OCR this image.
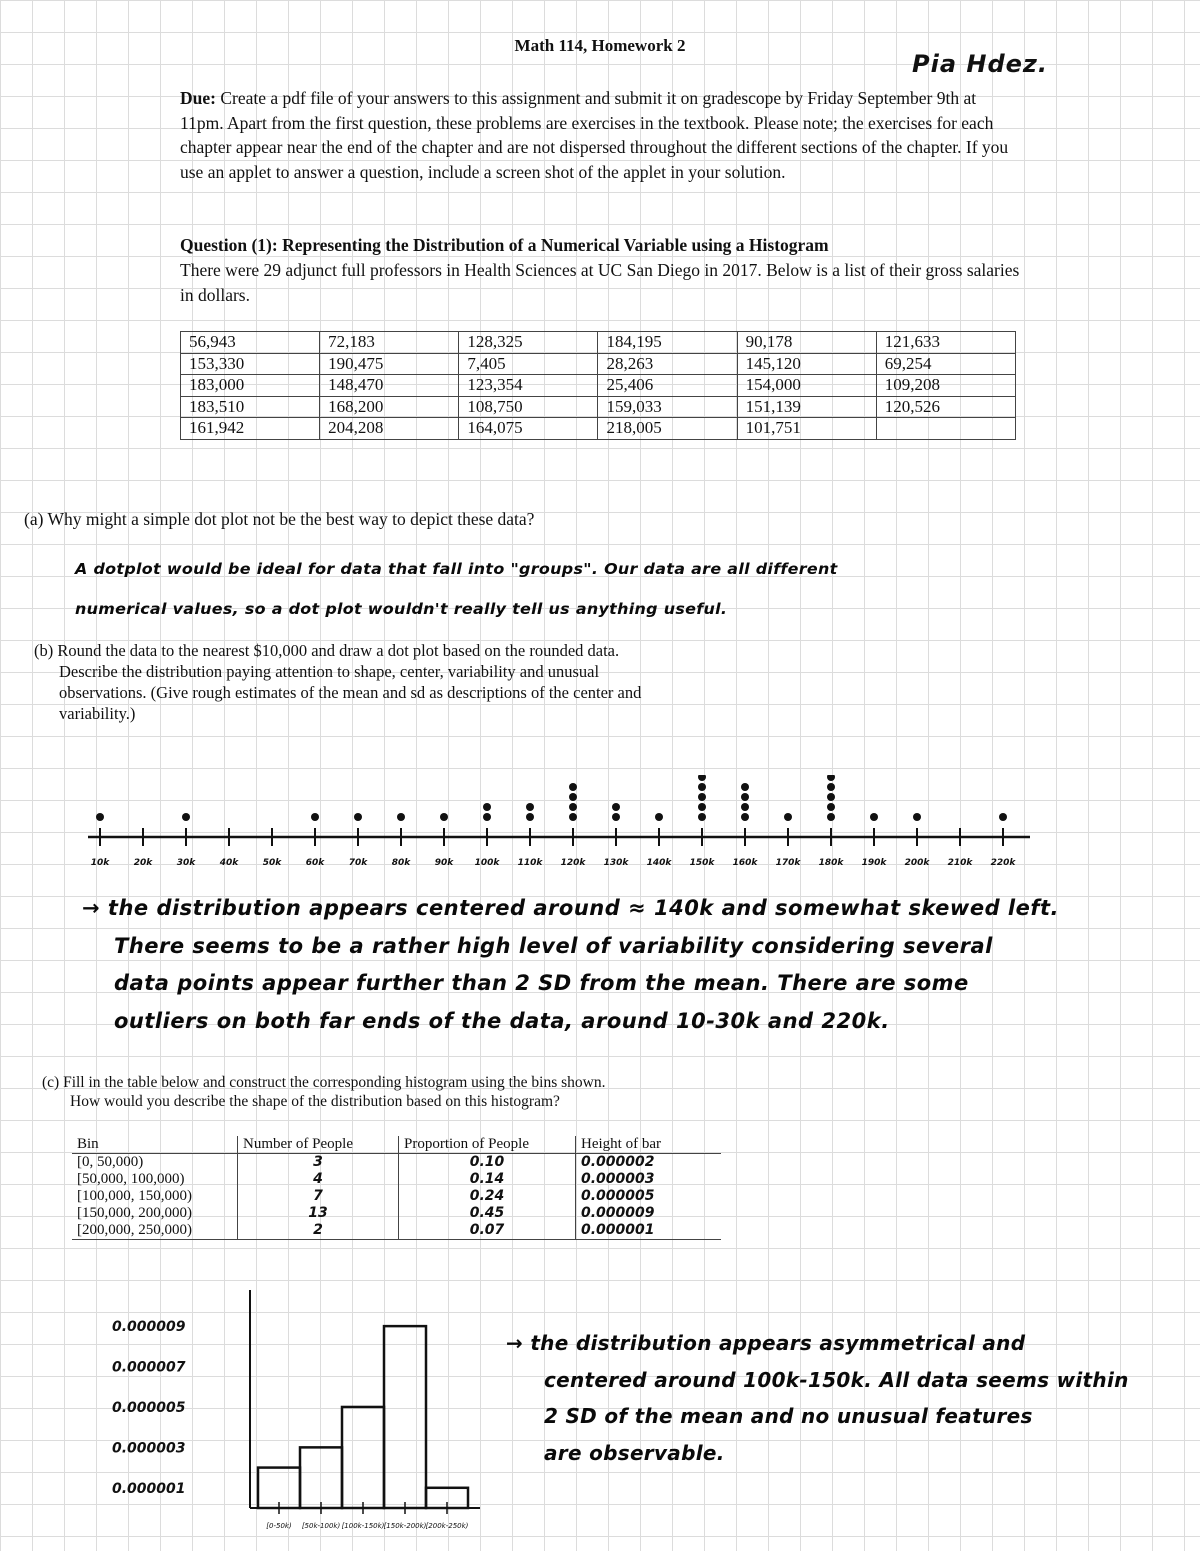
Math 114, Homework 2
Pia Hdez.
Due: Create a pdf file of your answers to this assignment and submit it on gradescope by Friday September 9th at 11pm. Apart from the first question, these problems are exercises in the textbook. Please note; the exercises for each chapter appear near the end of the chapter and are not dispersed throughout the different sections of the chapter. If you use an applet to answer a question, include a screen shot of the applet in your solution.
Question (1): Representing the Distribution of a Numerical Variable using a Histogram
There were 29 adjunct full professors in Health Sciences at UC San Diego in 2017. Below is a list of their gross salaries in dollars.
56,943	72,183	128,325	184,195	90,178	121,633
153,330	190,475	7,405	28,263	145,120	69,254
183,000	148,470	123,354	25,406	154,000	109,208
183,510	168,200	108,750	159,033	151,139	120,526
161,942	204,208	164,075	218,005	101,751	
(a) Why might a simple dot plot not be the best way to depict these data?
A dotplot would be ideal for data that fall into "groups". Our data are all different
numerical values, so a dot plot wouldn't really tell us anything useful.
(b) Round the data to the nearest $10,000 and draw a dot plot based on the rounded data.
Describe the distribution paying attention to shape, center, variability and unusual
observations. (Give rough estimates of the mean and sd as descriptions of the center and
variability.)
10k	20k	30k	40k	50k	60k	70k	80k	90k 100k 110k 120k 130k 140k 150k 160k 170k 180k 190k 200k 210k 220k
→ the distribution appears centered around ≈ 140k and somewhat skewed left.
There seems to be a rather high level of variability considering several
data points appear further than 2 SD from the mean. There are some
outliers on both far ends of the data, around 10-30k and 220k.
(c) Fill in the table below and construct the corresponding histogram using the bins shown.
How would you describe the shape of the distribution based on this histogram?
Bin	Number of People	Proportion of People	Height of bar
[0, 50,000)	3	0.10	0.000002
[50,000, 100,000)	4	0.14	0.000003
[100,000, 150,000)	7	0.24	0.000005
[150,000, 200,000)	13	0.45	0.000009
[200,000, 250,000)	2	0.07	0.000001
0.000009
0.000007
0.000005
0.000003
0.000001
[0-50k) [50k-100k) [100k-150k) [150k-200k) [200k-250k)
→ the distribution appears asymmetrical and
centered around 100k-150k. All data seems within
2 SD of the mean and no unusual features
are observable.
